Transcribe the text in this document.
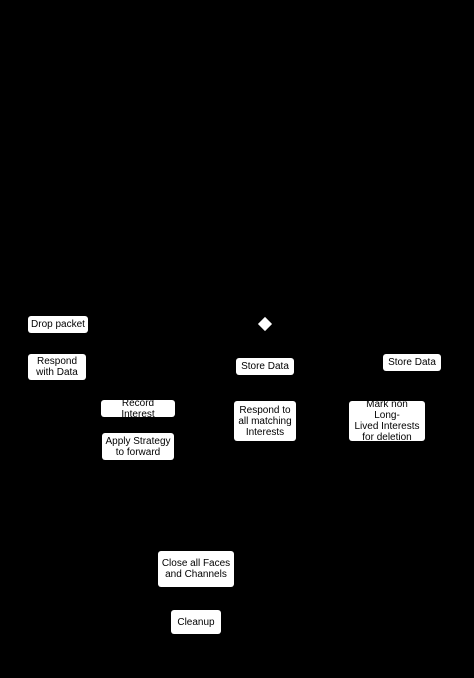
Drop packet
Respond
with Data
Record Interest
Apply Strategy
to forward
Store Data
Respond to
all matching
Interests
Store Data
Mark non Long-
Lived Interests
for deletion
Close all Faces
and Channels
Cleanup
